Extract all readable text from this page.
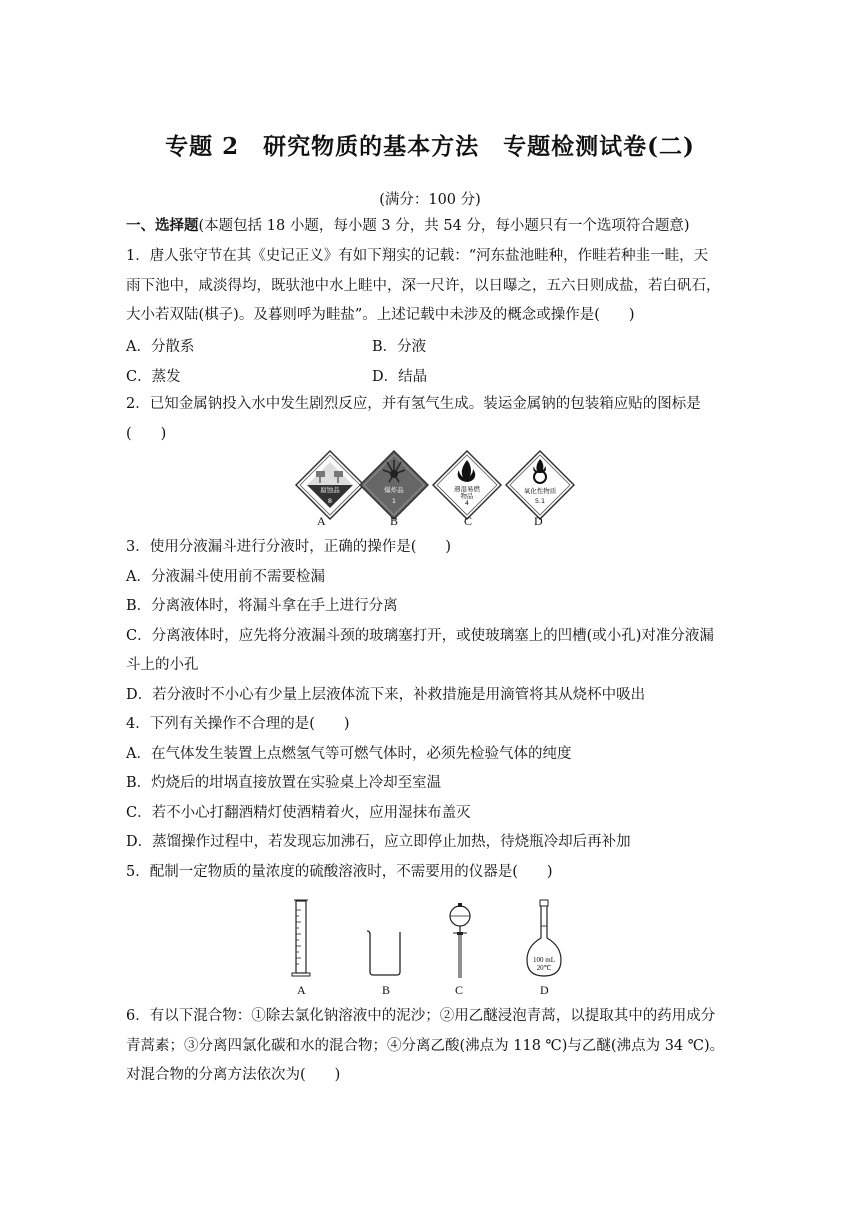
专题 2　研究物质的基本方法　专题检测试卷(二)
(满分：100 分)
一、选择题(本题包括 18 小题，每小题 3 分，共 54 分，每小题只有一个选项符合题意)
1．唐人张守节在其《史记正义》有如下翔实的记载：“河东盐池畦种，作畦若种韭一畦，天
雨下池中，咸淡得均，既驮池中水上畦中，深一尺许，以日曝之，五六日则成盐，若白矾石，
大小若双陆(棋子)。及暮则呼为畦盐”。上述记载中未涉及的概念或操作是(　　)
A．分散系	B．分液
C．蒸发	D．结晶
2．已知金属钠投入水中发生剧烈反应，并有氢气生成。装运金属钠的包装箱应贴的图标是
(　　)
腐蚀品
8
A
爆炸品
1
B
遇湿易燃
物品
4
C
氧化性物质
5.1
D
3．使用分液漏斗进行分液时，正确的操作是(　　)
A．分液漏斗使用前不需要检漏
B．分离液体时，将漏斗拿在手上进行分离
C．分离液体时，应先将分液漏斗颈的玻璃塞打开，或使玻璃塞上的凹槽(或小孔)对准分液漏
斗上的小孔
D．若分液时不小心有少量上层液体流下来，补救措施是用滴管将其从烧杯中吸出
4．下列有关操作不合理的是(　　)
A．在气体发生装置上点燃氢气等可燃气体时，必须先检验气体的纯度
B．灼烧后的坩埚直接放置在实验桌上冷却至室温
C．若不小心打翻酒精灯使酒精着火，应用湿抹布盖灭
D．蒸馏操作过程中，若发现忘加沸石，应立即停止加热，待烧瓶冷却后再补加
5．配制一定物质的量浓度的硫酸溶液时，不需要用的仪器是(　　)
A	B	C
100 mL
20℃
D
6．有以下混合物：①除去氯化钠溶液中的泥沙；②用乙醚浸泡青蒿，以提取其中的药用成分
青蒿素；③分离四氯化碳和水的混合物；④分离乙酸(沸点为 118 ℃)与乙醚(沸点为 34 ℃)。
对混合物的分离方法依次为(　　)
